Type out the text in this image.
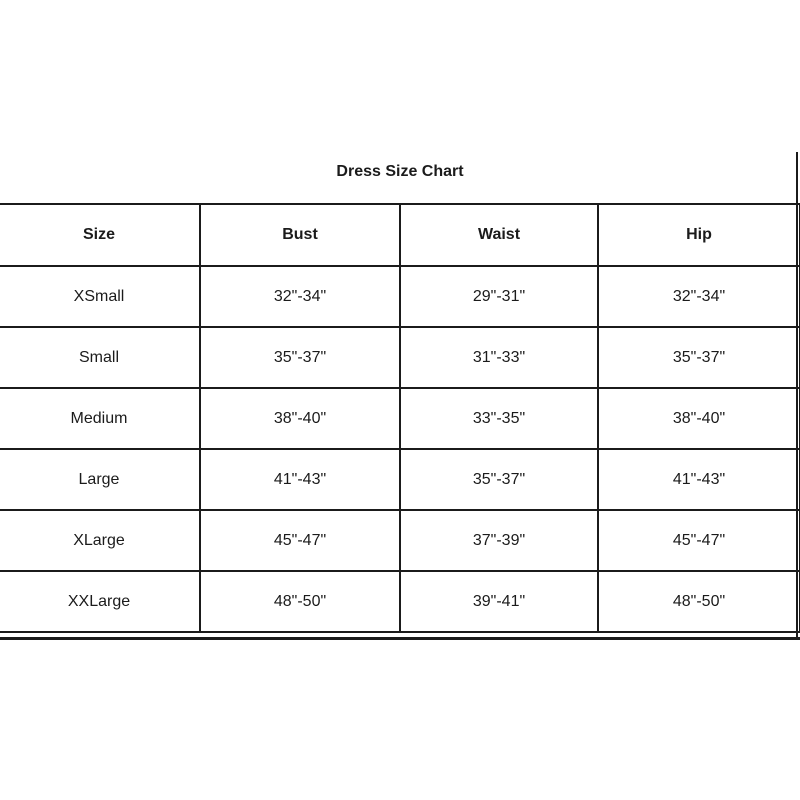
Dress Size Chart
Size	Bust	Waist	Hip
XSmall	32"-34"	29"-31"	32"-34"
Small	35"-37"	31"-33"	35"-37"
Medium	38"-40"	33"-35"	38"-40"
Large	41"-43"	35"-37"	41"-43"
XLarge	45"-47"	37"-39"	45"-47"
XXLarge	48"-50"	39"-41"	48"-50"
